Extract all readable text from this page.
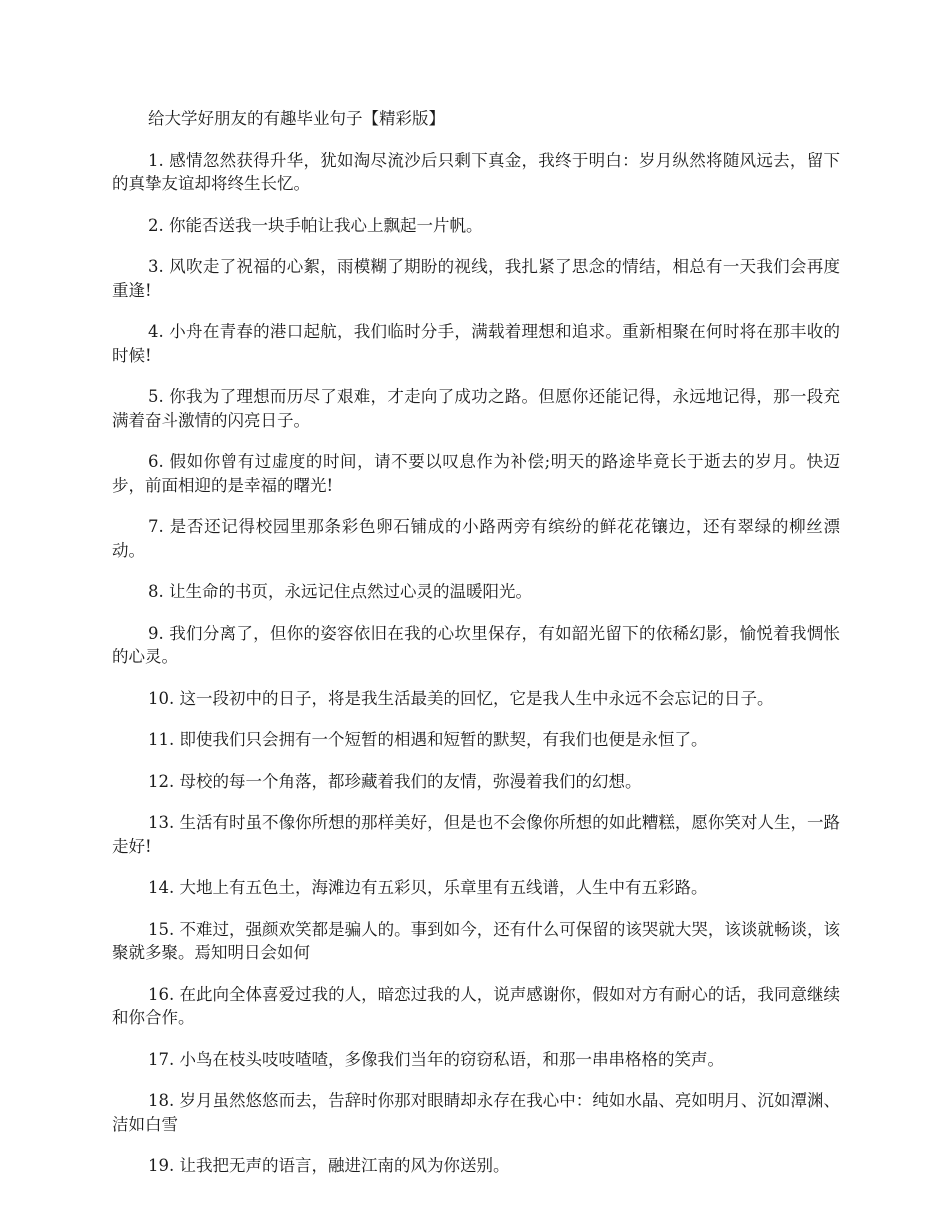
给大学好朋友的有趣毕业句子【精彩版】

1. 感情忽然获得升华，犹如淘尽流沙后只剩下真金，我终于明白：岁月纵然将随风远去，留下的真挚友谊却将终生长忆。

2. 你能否送我一块手帕让我心上飘起一片帆。

3. 风吹走了祝福的心絮，雨模糊了期盼的视线，我扎紧了思念的情结，相总有一天我们会再度重逢!

4. 小舟在青春的港口起航，我们临时分手，满载着理想和追求。重新相聚在何时将在那丰收的时候!

5. 你我为了理想而历尽了艰难，才走向了成功之路。但愿你还能记得，永远地记得，那一段充满着奋斗激情的闪亮日子。

6. 假如你曾有过虚度的时间，请不要以叹息作为补偿;明天的路途毕竟长于逝去的岁月。快迈步，前面相迎的是幸福的曙光!

7. 是否还记得校园里那条彩色卵石铺成的小路两旁有缤纷的鲜花花镶边，还有翠绿的柳丝漂动。

8. 让生命的书页，永远记住点然过心灵的温暖阳光。

9. 我们分离了，但你的姿容依旧在我的心坎里保存，有如韶光留下的依稀幻影，愉悦着我惆怅的心灵。

10. 这一段初中的日子，将是我生活最美的回忆，它是我人生中永远不会忘记的日子。

11. 即使我们只会拥有一个短暂的相遇和短暂的默契，有我们也便是永恒了。

12. 母校的每一个角落，都珍藏着我们的友情，弥漫着我们的幻想。

13. 生活有时虽不像你所想的那样美好，但是也不会像你所想的如此糟糕，愿你笑对人生，一路走好!

14. 大地上有五色土，海滩边有五彩贝，乐章里有五线谱，人生中有五彩路。

15. 不难过，强颜欢笑都是骗人的。事到如今，还有什么可保留的该哭就大哭，该谈就畅谈，该聚就多聚。焉知明日会如何

16. 在此向全体喜爱过我的人，暗恋过我的人，说声感谢你，假如对方有耐心的话，我同意继续和你合作。

17. 小鸟在枝头吱吱喳喳，多像我们当年的窃窃私语，和那一串串格格的笑声。

18. 岁月虽然悠悠而去，告辞时你那对眼睛却永存在我心中：纯如水晶、亮如明月、沉如潭渊、洁如白雪

19. 让我把无声的语言，融进江南的风为你送别。
